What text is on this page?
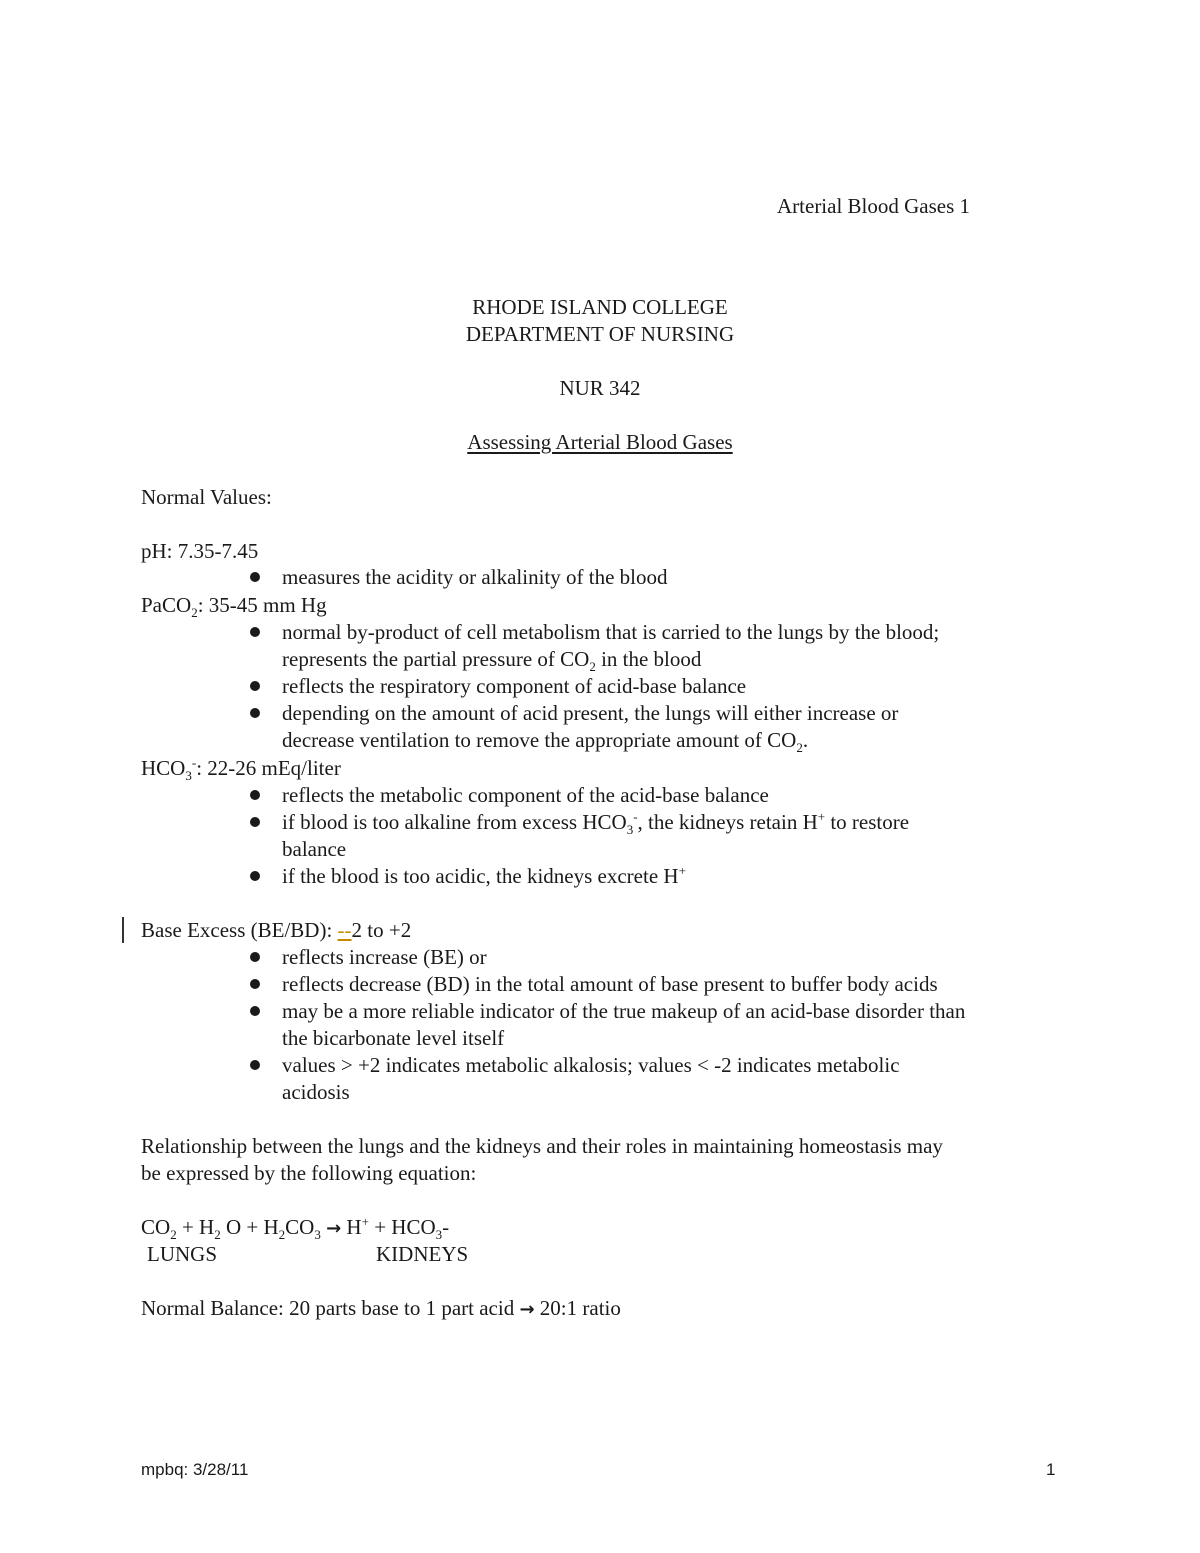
Arterial Blood Gases 1
RHODE ISLAND COLLEGE
DEPARTMENT OF NURSING
NUR 342
Assessing Arterial Blood Gases
Normal Values:
pH: 7.35-7.45
measures the acidity or alkalinity of the blood
PaCO$_2$: 35-45 mm Hg
normal by-product of cell metabolism that is carried to the lungs by the blood;
represents the partial pressure of $CO_2$ in the blood
reflects the respiratory component of acid-base balance
depending on the amount of acid present, the lungs will either increase or
decrease ventilation to remove the appropriate amount of $CO_2$.
$HCO_3^-$: 22-26 mEq/liter
reflects the metabolic component of the acid-base balance
if blood is too alkaline from excess $HCO_3^-$, the kidneys retain H+ to restore
balance
if the blood is too acidic, the kidneys excrete H+
Base Excess (BE/BD): --2 to +2
reflects increase (BE) or
reflects decrease (BD) in the total amount of base present to buffer body acids
may be a more reliable indicator of the true makeup of an acid-base disorder than
the bicarbonate level itself
values > +2 indicates metabolic alkalosis; values < -2 indicates metabolic
acidosis
Relationship between the lungs and the kidneys and their roles in maintaining homeostasis may
be expressed by the following equation:
$CO_2 + H_2$ $O + H_2CO_3 \to H^+ + HCO_3-$
LUNGS	KIDNEYS
Normal Balance: 20 parts base to 1 part acid → 20:1 ratio
mpbq: 3/28/11	1
